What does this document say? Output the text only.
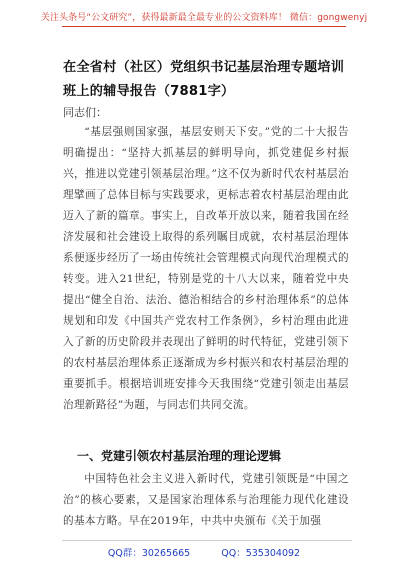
关注头条号“公文研究”，获得最新最全最专业的公文资料库！ 微信：gongwenyj
在全省村（社区）党组织书记基层治理专题培训班上的辅导报告（7881字）
同志们：
“基层强则国家强，基层安则天下安。”党的二十大报告明确提出：“坚持大抓基层的鲜明导向，抓党建促乡村振兴，推进以党建引领基层治理。”这不仅为新时代农村基层治理擘画了总体目标与实践要求，更标志着农村基层治理由此迈入了新的篇章。事实上，自改革开放以来，随着我国在经济发展和社会建设上取得的系列瞩目成就，农村基层治理体系便逐步经历了一场由传统社会管理模式向现代治理模式的转变。进入21世纪，特别是党的十八大以来，随着党中央提出“健全自治、法治、德治相结合的乡村治理体系”的总体规划和印发《中国共产党农村工作条例》，乡村治理由此进入了新的历史阶段并表现出了鲜明的时代特征，党建引领下的农村基层治理体系正逐渐成为乡村振兴和农村基层治理的重要抓手。根据培训班安排今天我围绕“党建引领走出基层治理新路径”为题，与同志们共同交流。
一、党建引领农村基层治理的理论逻辑
中国特色社会主义进入新时代，党建引领既是“中国之治”的核心要素，又是国家治理体系与治理能力现代化建设的基本方略。早在2019年，中共中央颁布《关于加强
QQ群：30265665	QQ：535304092
